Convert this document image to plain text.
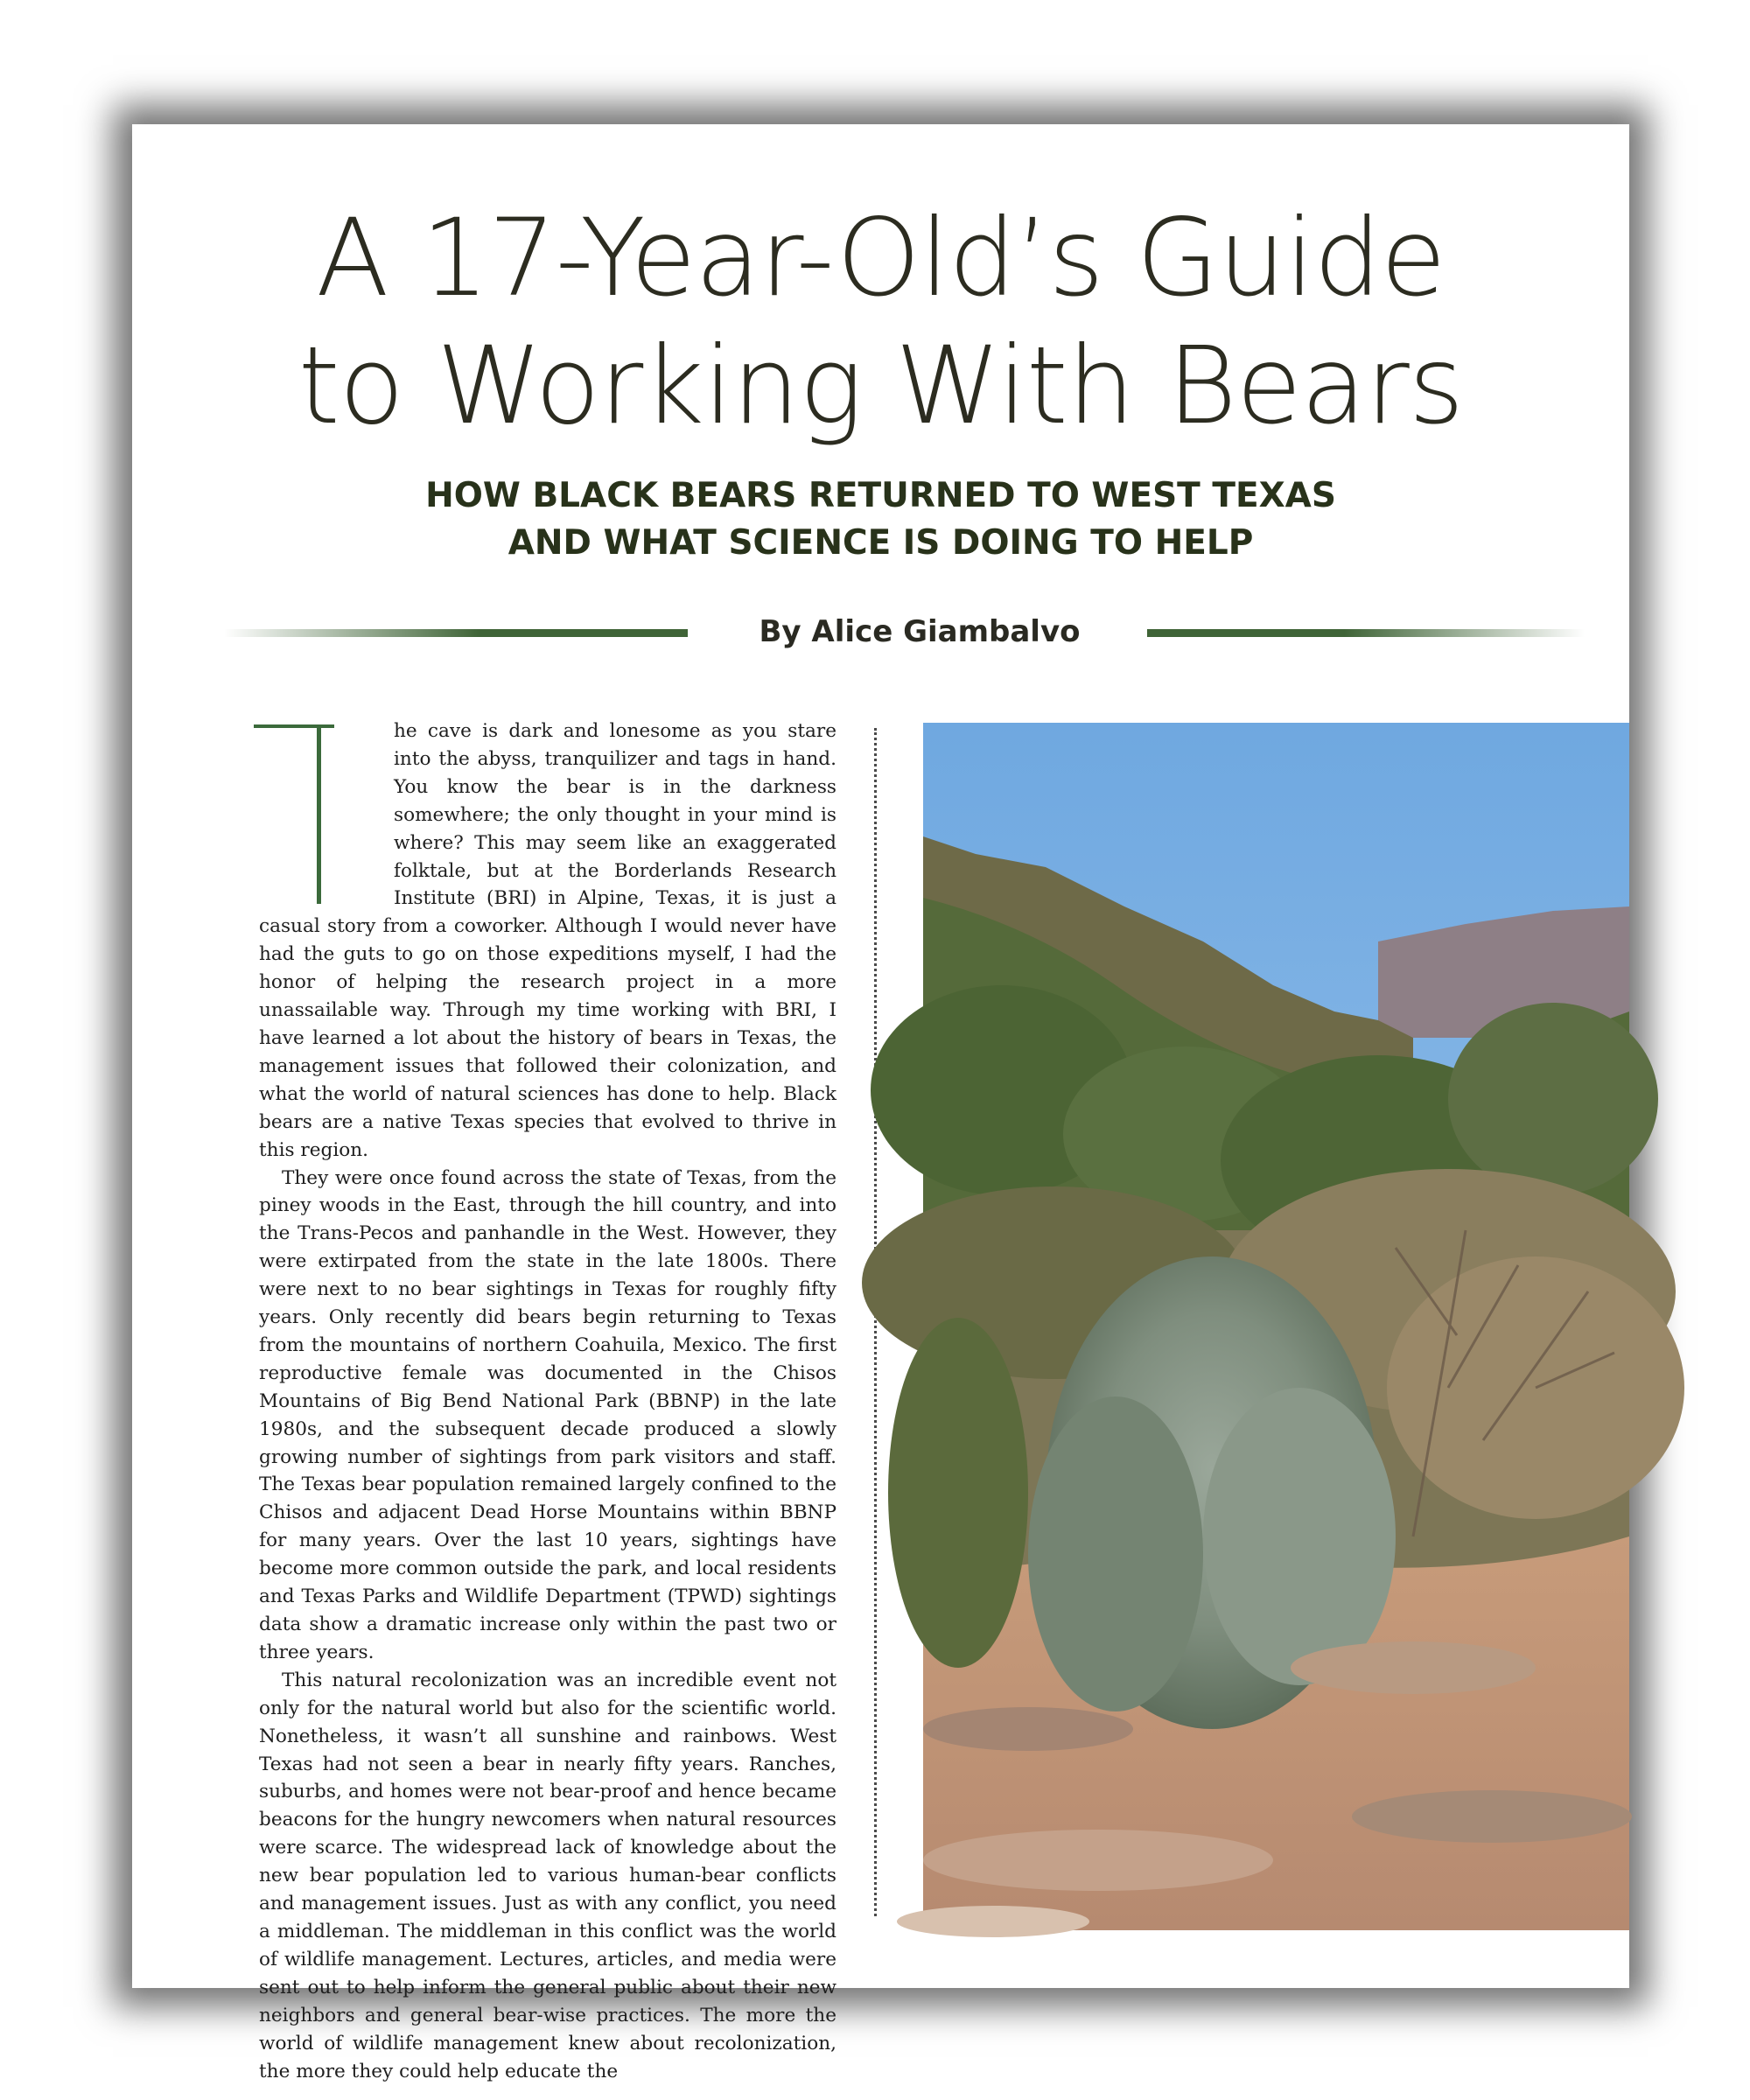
A 17-Year-Old’s Guide
to Working With Bears
HOW BLACK BEARS RETURNED TO WEST TEXAS
AND WHAT SCIENCE IS DOING TO HELP
By Alice Giambalvo

he cave is dark and lonesome as you stare into the abyss, tranquilizer and tags in hand. You know the bear is in the darkness somewhere; the only thought in your mind is where? This may seem like an exaggerated folktale, but at the Borderlands Research Institute (BRI) in Alpine, Texas, it is just a casual story from a coworker. Although I would never have had the guts to go on those expeditions myself, I had the honor of helping the research project in a more unassailable way. Through my time working with BRI, I have learned a lot about the history of bears in Texas, the management issues that followed their colonization, and what the world of natural sciences has done to help. Black bears are a native Texas species that evolved to thrive in this region.

They were once found across the state of Texas, from the piney woods in the East, through the hill country, and into the Trans-Pecos and panhandle in the West. However, they were extirpated from the state in the late 1800s. There were next to no bear sightings in Texas for roughly fifty years. Only recently did bears begin returning to Texas from the mountains of northern Coahuila, Mexico. The first reproductive female was documented in the Chisos Mountains of Big Bend National Park (BBNP) in the late 1980s, and the subsequent decade produced a slowly growing number of sightings from park visitors and staff. The Texas bear population remained largely confined to the Chisos and adjacent Dead Horse Mountains within BBNP for many years. Over the last 10 years, sightings have become more common outside the park, and local residents and Texas Parks and Wildlife Department (TPWD) sightings data show a dramatic increase only within the past two or three years.

This natural recolonization was an incredible event not only for the natural world but also for the scientific world. Nonetheless, it wasn’t all sunshine and rainbows. West Texas had not seen a bear in nearly fifty years. Ranches, suburbs, and homes were not bear-proof and hence became beacons for the hungry newcomers when natural resources were scarce. The widespread lack of knowledge about the new bear population led to various human-bear conflicts and management issues. Just as with any conflict, you need a middleman. The middleman in this conflict was the world of wildlife management. Lectures, articles, and media were sent out to help inform the general public about their new neighbors and general bear-wise practices. The more the world of wildlife management knew about recolonization, the more they could help educate the
